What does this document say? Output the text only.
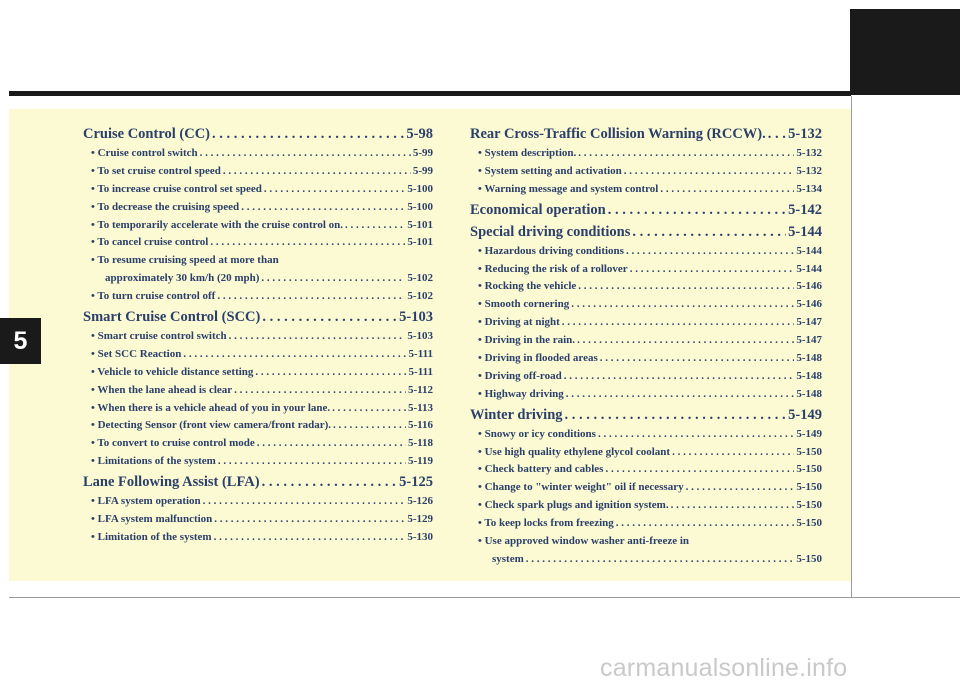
5
Cruise Control (CC) . . .	5-98
• Cruise control switch . . .	5-99
• To set cruise control speed . . .	5-99
• To increase cruise control set speed . . .	5-100
• To decrease the cruising speed . . .	5-100
• To temporarily accelerate with the cruise control on. . . .	5-101
• To cancel cruise control . . .	5-101
• To resume cruising speed at more than
approximately 30 km/h (20 mph) . . .	5-102
• To turn cruise control off . . .	5-102
Smart Cruise Control (SCC) . . .	5-103
• Smart cruise control switch . . .	5-103
• Set SCC Reaction . . .	5-111
• Vehicle to vehicle distance setting . . .	5-111
• When the lane ahead is clear . . .	5-112
• When there is a vehicle ahead of you in your lane. . . .	5-113
• Detecting Sensor (front view camera/front radar). . . .	5-116
• To convert to cruise control mode . . .	5-118
• Limitations of the system . . .	5-119
Lane Following Assist (LFA) . . .	5-125
• LFA system operation . . .	5-126
• LFA system malfunction . . .	5-129
• Limitation of the system . . .	5-130
Rear Cross-Traffic Collision Warning (RCCW). . . . 5-132
• System description. . . .	5-132
• System setting and activation . . .	5-132
• Warning message and system control . . .	5-134
Economical operation . . .	5-142
Special driving conditions . . .	5-144
• Hazardous driving conditions . . .	5-144
• Reducing the risk of a rollover . . .	5-144
• Rocking the vehicle . . .	5-146
• Smooth cornering . . .	5-146
• Driving at night . . .	5-147
• Driving in the rain. . . .	5-147
• Driving in flooded areas . . .	5-148
• Driving off-road . . .	5-148
• Highway driving . . .	5-148
Winter driving . . .	5-149
• Snowy or icy conditions . . .	5-149
• Use high quality ethylene glycol coolant . . .	5-150
• Check battery and cables . . .	5-150
• Change to "winter weight" oil if necessary . . .	5-150
• Check spark plugs and ignition system. . . .	5-150
• To keep locks from freezing . . .	5-150
• Use approved window washer anti-freeze in
system . . .	5-150
carmanualsonline.info
